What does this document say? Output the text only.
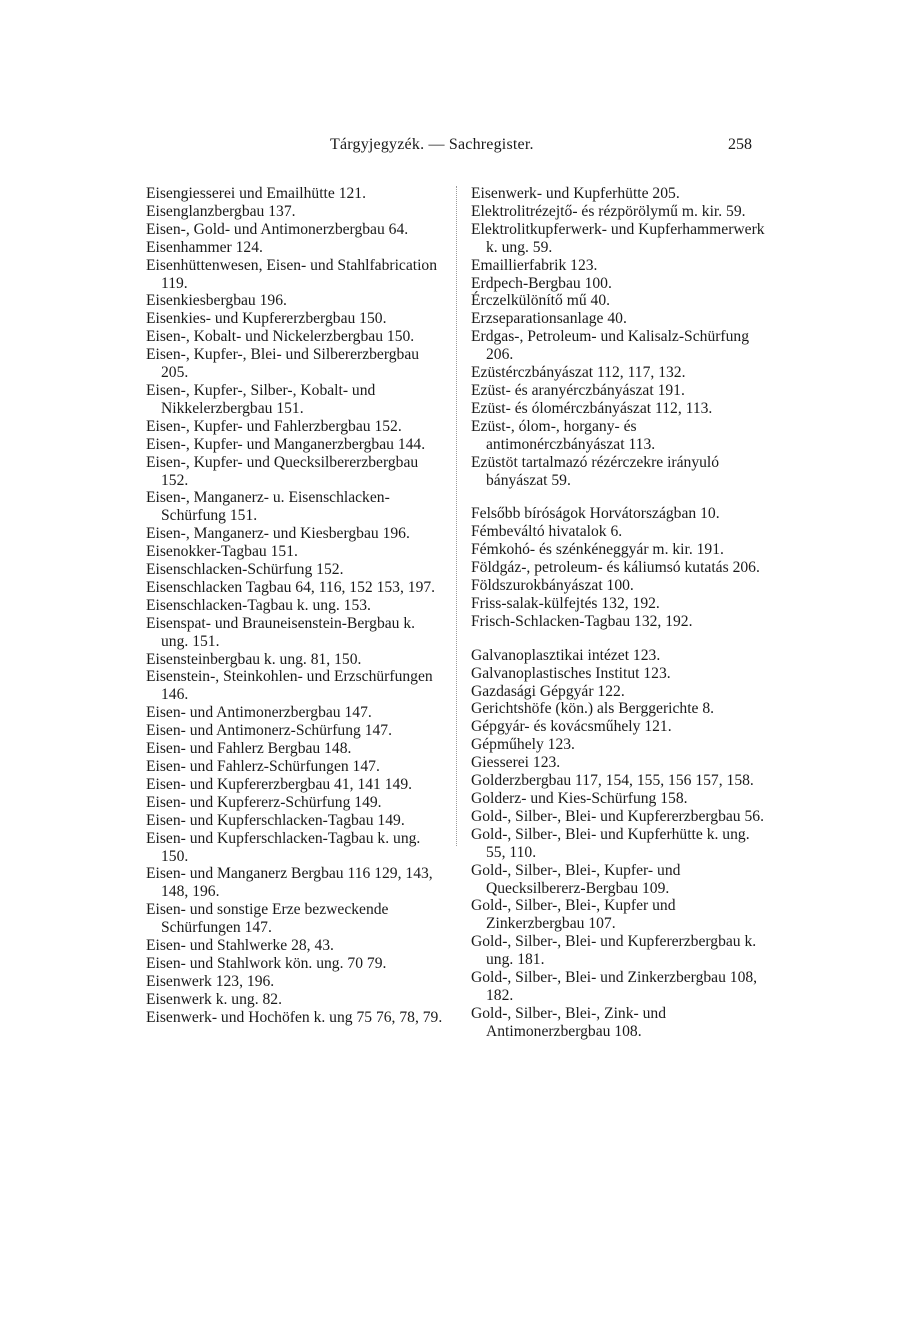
Tárgyjegyzék. — Sachregister.	258

Eisengiesserei und Emailhütte 121.

Eisenglanzbergbau 137.

Eisen-, Gold- und Antimonerzbergbau 64.

Eisenhammer 124.

Eisenhüttenwesen, Eisen- und Stahlfabrication 119.

Eisenkiesbergbau 196.

Eisenkies- und Kupfererzbergbau 150.

Eisen-, Kobalt- und Nickelerzbergbau 150.

Eisen-, Kupfer-, Blei- und Silbererzbergbau 205.

Eisen-, Kupfer-, Silber-, Kobalt- und Nikkelerzbergbau 151.

Eisen-, Kupfer- und Fahlerzbergbau 152.

Eisen-, Kupfer- und Manganerzbergbau 144.

Eisen-, Kupfer- und Quecksilbererzbergbau 152.

Eisen-, Manganerz- u. Eisenschlacken-Schürfung 151.

Eisen-, Manganerz- und Kiesbergbau 196.

Eisenokker-Tagbau 151.

Eisenschlacken-Schürfung 152.

Eisenschlacken Tagbau 64, 116, 152 153, 197.

Eisenschlacken-Tagbau k. ung. 153.

Eisenspat- und Brauneisenstein-Bergbau k. ung. 151.

Eisensteinbergbau k. ung. 81, 150.

Eisenstein-, Steinkohlen- und Erzschürfungen 146.

Eisen- und Antimonerzbergbau 147.

Eisen- und Antimonerz-Schürfung 147.

Eisen- und Fahlerz Bergbau 148.

Eisen- und Fahlerz-Schürfungen 147.

Eisen- und Kupfererzbergbau 41, 141 149.

Eisen- und Kupfererz-Schürfung 149.

Eisen- und Kupferschlacken-Tagbau 149.

Eisen- und Kupferschlacken-Tagbau k. ung. 150.

Eisen- und Manganerz Bergbau 116 129, 143, 148, 196.

Eisen- und sonstige Erze bezweckende Schürfungen 147.

Eisen- und Stahlwerke 28, 43.

Eisen- und Stahlwork kön. ung. 70 79.

Eisenwerk 123, 196.

Eisenwerk k. ung. 82.

Eisenwerk- und Hochöfen k. ung 75 76, 78, 79.

Eisenwerk- und Kupferhütte 205.

Elektrolitrézejtő- és rézpörölymű m. kir. 59.

Elektrolitkupferwerk- und Kupferhammerwerk k. ung. 59.

Emaillierfabrik 123.

Erdpech-Bergbau 100.

Érczelkülönítő mű 40.

Erzseparationsanlage 40.

Erdgas-, Petroleum- und Kalisalz-Schürfung 206.

Ezüstérczbányászat 112, 117, 132.

Ezüst- és aranyérczbányászat 191.

Ezüst- és ólomérczbányászat 112, 113.

Ezüst-, ólom-, horgany- és antimonérczbányászat 113.

Ezüstöt tartalmazó rézérczekre irányuló bányászat 59.

Felsőbb bíróságok Horvátországban 10.

Fémbeváltó hivatalok 6.

Fémkohó- és szénkéneggyár m. kir. 191.

Földgáz-, petroleum- és káliumsó kutatás 206.

Földszurokbányászat 100.

Friss-salak-külfejtés 132, 192.

Frisch-Schlacken-Tagbau 132, 192.

Galvanoplasztikai intézet 123.

Galvanoplastisches Institut 123.

Gazdasági Gépgyár 122.

Gerichtshöfe (kön.) als Berggerichte 8.

Gépgyár- és kovácsműhely 121.

Gépműhely 123.

Giesserei 123.

Golderzbergbau 117, 154, 155, 156 157, 158.

Golderz- und Kies-Schürfung 158.

Gold-, Silber-, Blei- und Kupfererzbergbau 56.

Gold-, Silber-, Blei- und Kupferhütte k. ung. 55, 110.

Gold-, Silber-, Blei-, Kupfer- und Quecksilbererz-Bergbau 109.

Gold-, Silber-, Blei-, Kupfer und Zinkerzbergbau 107.

Gold-, Silber-, Blei- und Kupfererzbergbau k. ung. 181.

Gold-, Silber-, Blei- und Zinkerzbergbau 108, 182.

Gold-, Silber-, Blei-, Zink- und Antimonerzbergbau 108.
